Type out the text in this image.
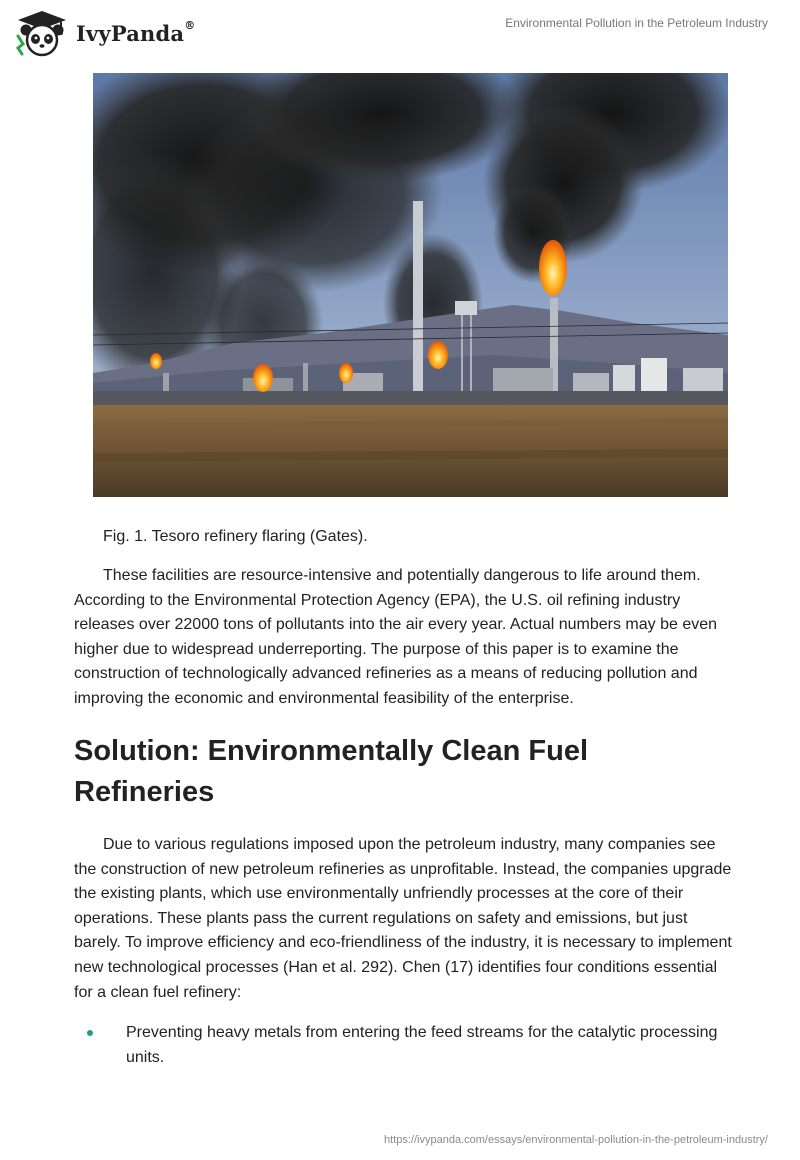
IvyPanda®	Environmental Pollution in the Petroleum Industry

Fig. 1. Tesoro refinery flaring (Gates).

These facilities are resource-intensive and potentially dangerous to life around them. According to the Environmental Protection Agency (EPA), the U.S. oil refining industry releases over 22000 tons of pollutants into the air every year. Actual numbers may be even higher due to widespread underreporting. The purpose of this paper is to examine the construction of technologically advanced refineries as a means of reducing pollution and improving the economic and environmental feasibility of the enterprise.

Solution: Environmentally Clean Fuel Refineries

Due to various regulations imposed upon the petroleum industry, many companies see the construction of new petroleum refineries as unprofitable. Instead, the companies upgrade the existing plants, which use environmentally unfriendly processes at the core of their operations. These plants pass the current regulations on safety and emissions, but just barely. To improve efficiency and eco-friendliness of the industry, it is necessary to implement new technological processes (Han et al. 292). Chen (17) identifies four conditions essential for a clean fuel refinery:

Preventing heavy metals from entering the feed streams for the catalytic processing units.
https://ivypanda.com/essays/environmental-pollution-in-the-petroleum-industry/
